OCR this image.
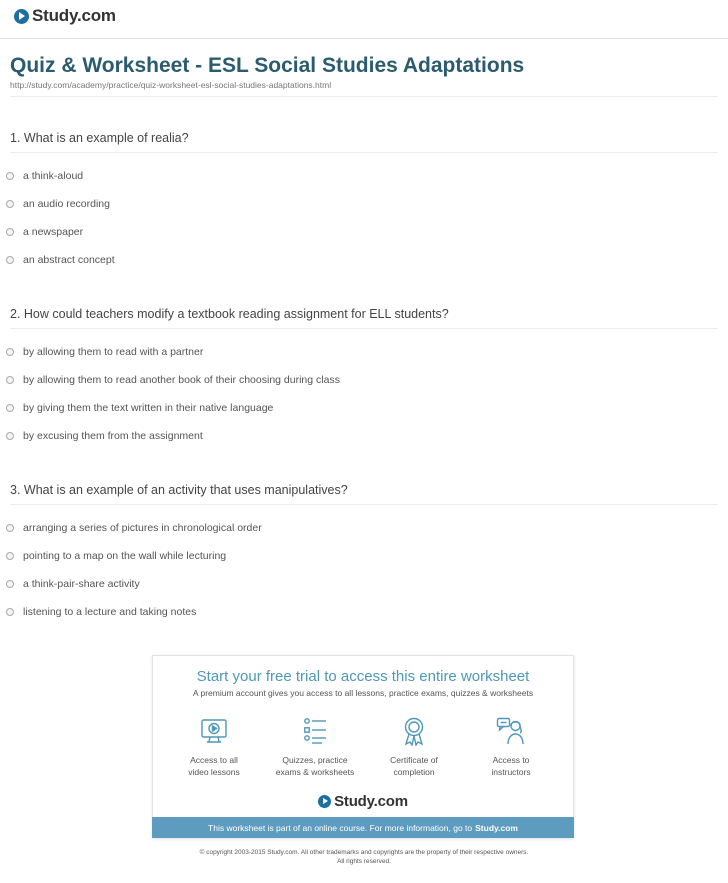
Study.com
Quiz & Worksheet - ESL Social Studies Adaptations
http://study.com/academy/practice/quiz-worksheet-esl-social-studies-adaptations.html
1. What is an example of realia?
a think-aloud
an audio recording
a newspaper
an abstract concept
2. How could teachers modify a textbook reading assignment for ELL students?
by allowing them to read with a partner
by allowing them to read another book of their choosing during class
by giving them the text written in their native language
by excusing them from the assignment
3. What is an example of an activity that uses manipulatives?
arranging a series of pictures in chronological order
pointing to a map on the wall while lecturing
a think-pair-share activity
listening to a lecture and taking notes
Start your free trial to access this entire worksheet
A premium account gives you access to all lessons, practice exams, quizzes & worksheets
Access to all
video lessons
Quizzes, practice
exams & worksheets
Certificate of
completion
Access to
instructors
Study.com
This worksheet is part of an online course. For more information, go to Study.com
© copyright 2003-2015 Study.com. All other trademarks and copyrights are the property of their respective owners.
All rights reserved.
